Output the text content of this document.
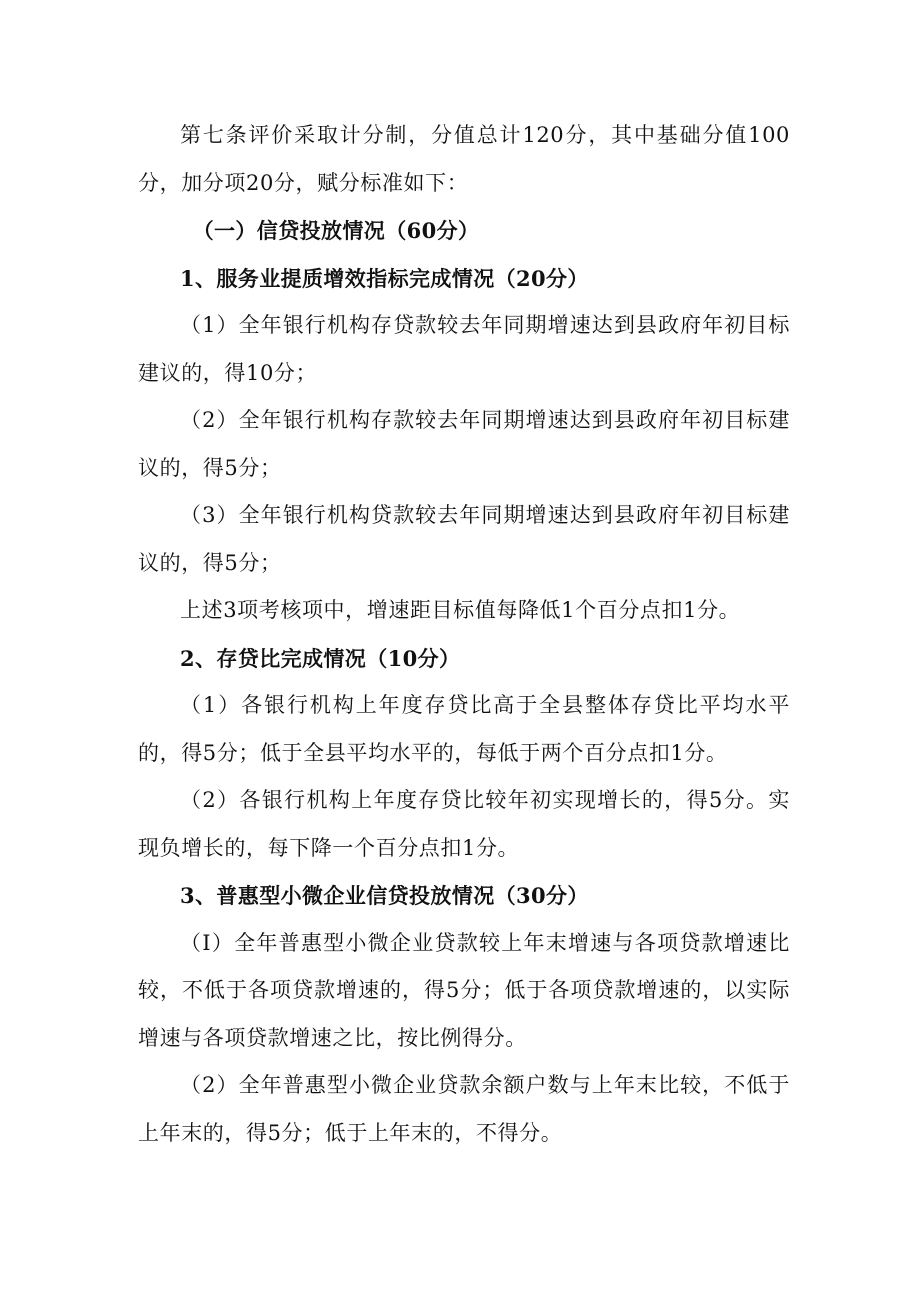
第七条评价采取计分制，分值总计120分，其中基础分值100分，加分项20分，赋分标准如下：

（一）信贷投放情况（60分）

1、服务业提质增效指标完成情况（20分）

（1）全年银行机构存贷款较去年同期增速达到县政府年初目标建议的，得10分；

（2）全年银行机构存款较去年同期增速达到县政府年初目标建议的，得5分；

（3）全年银行机构贷款较去年同期增速达到县政府年初目标建议的，得5分；

上述3项考核项中，增速距目标值每降低1个百分点扣1分。

2、存贷比完成情况（10分）

（1）各银行机构上年度存贷比高于全县整体存贷比平均水平的，得5分；低于全县平均水平的，每低于两个百分点扣1分。

（2）各银行机构上年度存贷比较年初实现增长的，得5分。实现负增长的，每下降一个百分点扣1分。

3、普惠型小微企业信贷投放情况（30分）

（I）全年普惠型小微企业贷款较上年末增速与各项贷款增速比较，不低于各项贷款增速的，得5分；低于各项贷款增速的，以实际增速与各项贷款增速之比，按比例得分。

（2）全年普惠型小微企业贷款余额户数与上年末比较，不低于上年末的，得5分；低于上年末的，不得分。
